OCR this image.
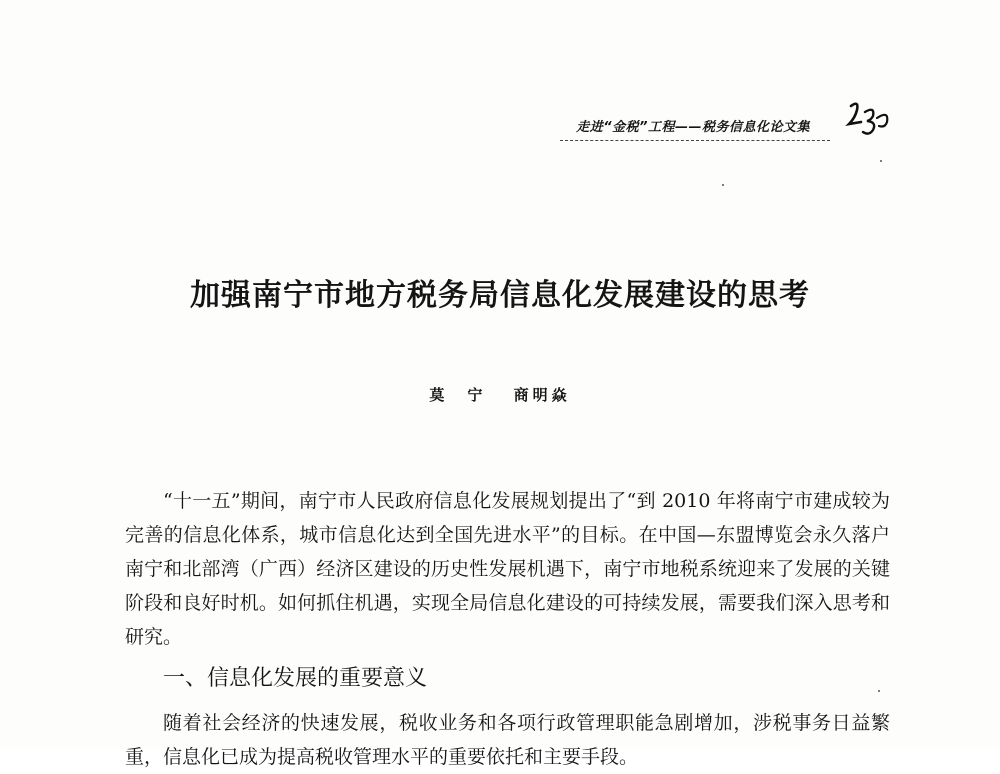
走进“金税”工程——税务信息化论文集
加强南宁市地方税务局信息化发展建设的思考
莫　宁 商明焱

“十一五”期间，南宁市人民政府信息化发展规划提出了“到 2010 年将南宁市建成较为完善的信息化体系，城市信息化达到全国先进水平”的目标。在中国—东盟博览会永久落户南宁和北部湾（广西）经济区建设的历史性发展机遇下，南宁市地税系统迎来了发展的关键阶段和良好时机。如何抓住机遇，实现全局信息化建设的可持续发展，需要我们深入思考和研究。

一、信息化发展的重要意义

随着社会经济的快速发展，税收业务和各项行政管理职能急剧增加，涉税事务日益繁重，信息化已成为提高税收管理水平的重要依托和主要手段。
